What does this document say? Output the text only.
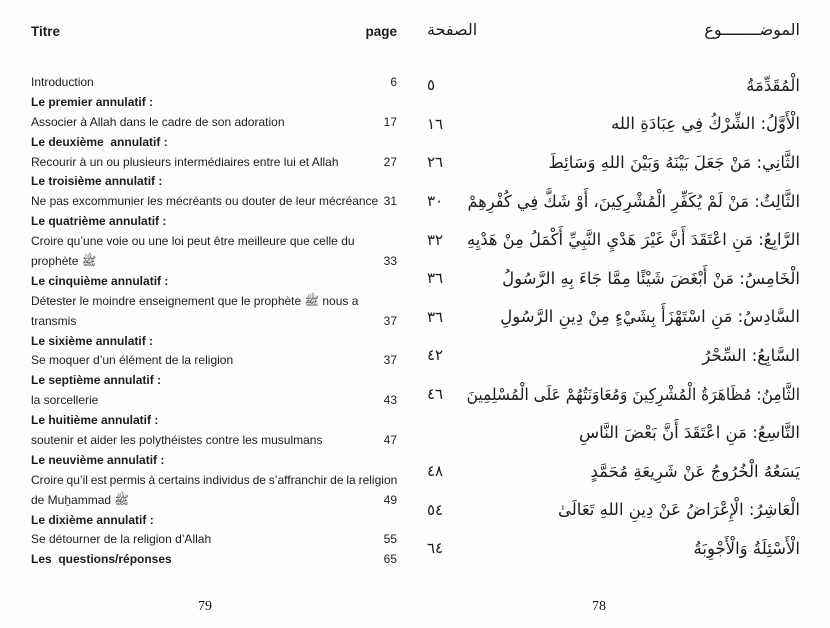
Titre	page
Introduction	6
Le premier annulatif :
Associer à Allah dans le cadre de son adoration	17
Le deuxième  annulatif :
Recourir à un ou plusieurs intermédiaires entre lui et Allah	27
Le troisième annulatif :
Ne pas excommunier les mécréants ou douter de leur mécréance 31
Le quatrième annulatif :
Croire qu’une voie ou une loi peut être meilleure que celle du
prophète ﷺ	33
Le cinquième annulatif :
Détester le moindre enseignement que le prophète ﷺ nous a
transmis	37
Le sixième annulatif :
Se moquer d’un élément de la religion	37
Le septième annulatif :
la sorcellerie	43
Le huitième annulatif :
soutenir et aider les polythéistes contre les musulmans	47
Le neuvième annulatif :
Croire qu’il est permis à certains individus de s’affranchir de la religion
de Muẖammad ﷺ	49
Le dixième annulatif :
Se détourner de la religion d’Allah	55
Les  questions/réponses	65
79
الصفحة	الموضــــــــوع
٥	الْمُقَدِّمَةُ
١٦	الْأَوَّلُ: الشِّرْكُ فِي عِبَادَةِ الله
٢٦	الثَّانِي: مَنْ جَعَلَ بَيْنَهُ وَبَيْنَ اللهِ وَسَائِطَ
٣٠	الثَّالِثُ: مَنْ لَمْ يُكَفِّرِ الْمُشْرِكِينَ، أَوْ شَكَّ فِي كُفْرِهِمْ
٣٢	الرَّابِعُ: مَنِ اعْتَقَدَ أَنَّ غَيْرَ هَدْيِ النَّبِيِّ أَكْمَلُ مِنْ هَدْيِهِ
٣٦	الْخَامِسُ: مَنْ أَبْغَضَ شَيْئًا مِمَّا جَاءَ بِهِ الرَّسُولُ
٣٦	السَّادِسُ: مَنِ اسْتَهْزَأَ بِشَيْءٍ مِنْ دِينِ الرَّسُولِ
٤٢	السَّابِعُ: السِّحْرُ
٤٦	الثَّامِنُ: مُظَاهَرَةُ الْمُشْرِكِينَ وَمُعَاوَنَتُهُمْ عَلَى الْمُسْلِمِينَ
التَّاسِعُ: مَنِ اعْتَقَدَ أَنَّ بَعْضَ النَّاسِ
٤٨	يَسَعُهُ الْخُرُوجُ عَنْ شَرِيعَةِ مُحَمَّدٍ
٥٤	الْعَاشِرُ: الْإِعْرَاضُ عَنْ دِينِ اللهِ تَعَالَىٰ
٦٤	الْأَسْئِلَةُ وَالْأَجْوِبَةُ
78
